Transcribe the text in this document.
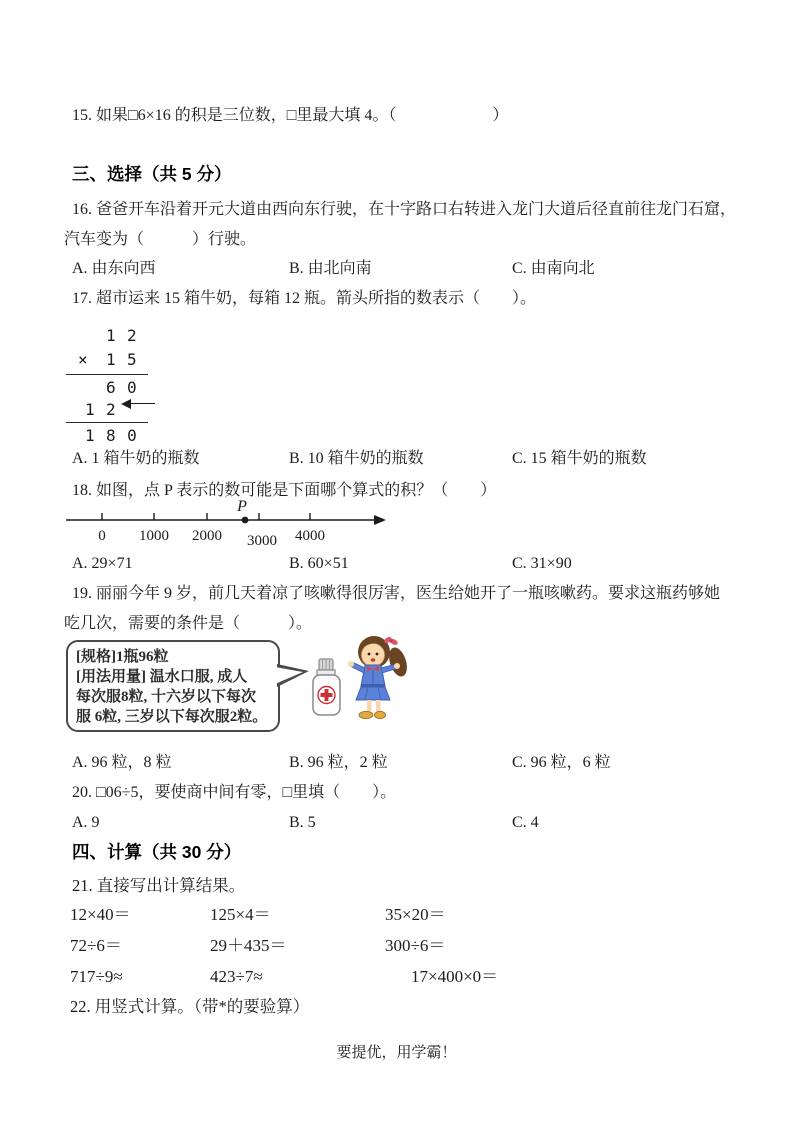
15. 如果□6×16 的积是三位数，□里最大填 4。（　　　　　　）
三、选择（共 5 分）
16. 爸爸开车沿着开元大道由西向东行驶，在十字路口右转进入龙门大道后径直前往龙门石窟，
汽车变为（　　　）行驶。
A. 由东向西	B. 由北向南	C. 由南向北
17. 超市运来 15 箱牛奶，每箱 12 瓶。箭头所指的数表示（　　）。
12
× 15
60
12
180
A. 1 箱牛奶的瓶数	B. 10 箱牛奶的瓶数	C. 15 箱牛奶的瓶数
18. 如图，点 P 表示的数可能是下面哪个算式的积？（　　）
0 1000 2000 3000 4000
P
A. 29×71	B. 60×51	C. 31×90
19. 丽丽今年 9 岁，前几天着凉了咳嗽得很厉害，医生给她开了一瓶咳嗽药。要求这瓶药够她
吃几次，需要的条件是（　　　）。
[规格]1瓶96粒
[用法用量] 温水口服, 成人
每次服8粒, 十六岁以下每次
服 6粒, 三岁以下每次服2粒。
A. 96 粒，8 粒	B. 96 粒，2 粒	C. 96 粒，6 粒
20. □06÷5，要使商中间有零，□里填（　　）。
A. 9	B. 5	C. 4
四、计算（共 30 分）
21. 直接写出计算结果。
12×40＝	125×4＝	35×20＝
72÷6＝	29＋435＝	300÷6＝
717÷9≈	423÷7≈	17×400×0＝
22. 用竖式计算。（带*的要验算）
要提优，用学霸！
